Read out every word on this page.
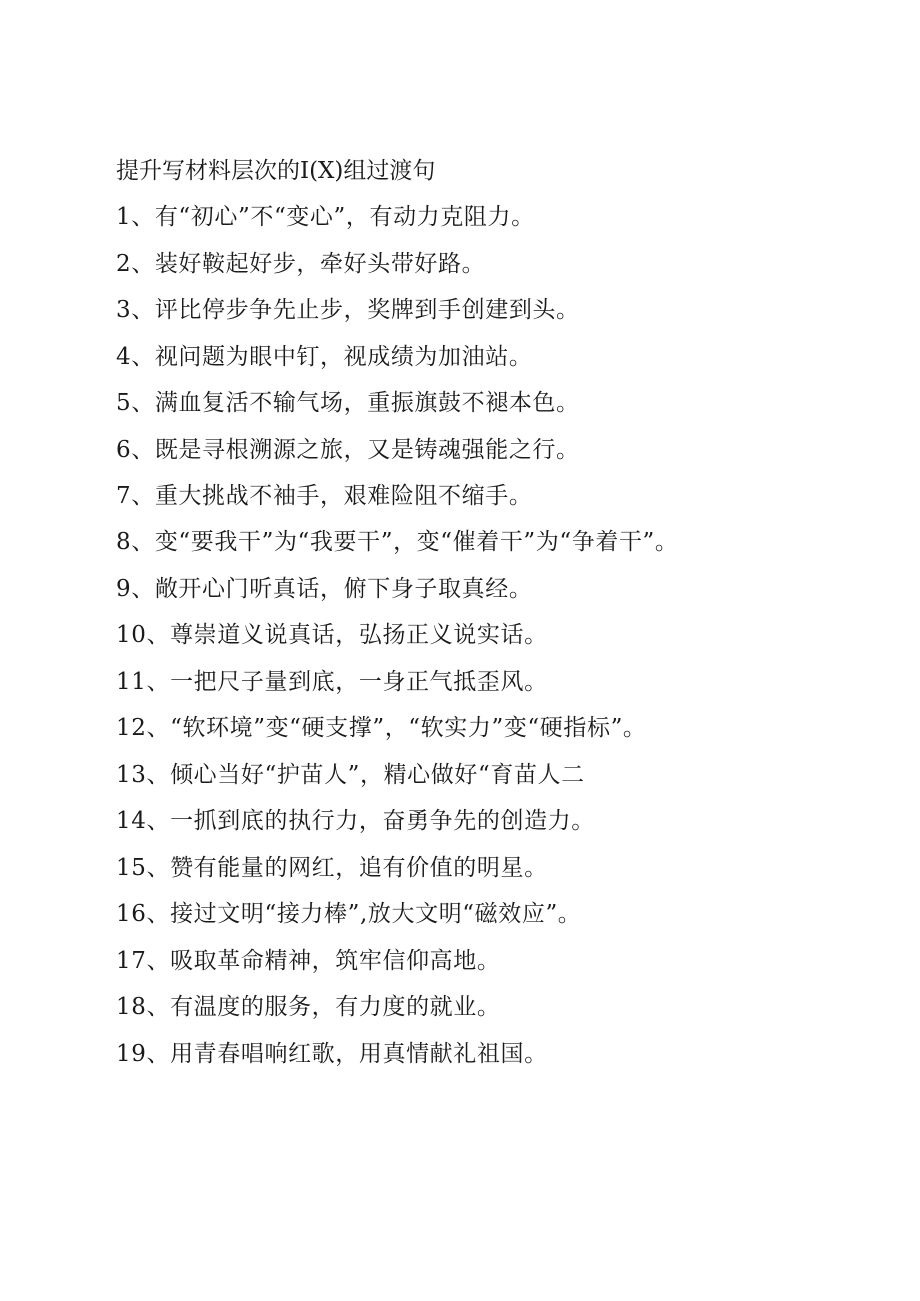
提升写材料层次的I(X)组过渡句
1、有“初心”不“变心”，有动力克阻力。
2、装好鞍起好步，牵好头带好路。
3、评比停步争先止步，奖牌到手创建到头。
4、视问题为眼中钉，视成绩为加油站。
5、满血复活不输气场，重振旗鼓不褪本色。
6、既是寻根溯源之旅，又是铸魂强能之行。
7、重大挑战不袖手，艰难险阻不缩手。
8、变“要我干”为“我要干”，变“催着干”为“争着干”。
9、敞开心门听真话，俯下身子取真经。
10、尊崇道义说真话，弘扬正义说实话。
11、一把尺子量到底，一身正气抵歪风。
12、“软环境”变“硬支撑”，“软实力”变“硬指标”。
13、倾心当好“护苗人”，精心做好“育苗人二
14、一抓到底的执行力，奋勇争先的创造力。
15、赞有能量的网红，追有价值的明星。
16、接过文明“接力棒”,放大文明“磁效应”。
17、吸取革命精神，筑牢信仰高地。
18、有温度的服务，有力度的就业。
19、用青春唱响红歌，用真情献礼祖国。
